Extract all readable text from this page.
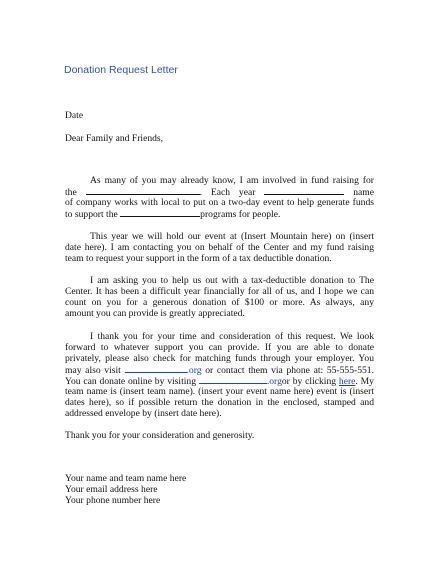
Donation Request Letter
Date
Dear Family and Friends,
As many of you may already know, I am involved in fund raising for
the	. Each year	name
of company works with local to put on a two-day event to help generate funds
to support the	programs for people.
This year we will hold our event at (Insert Mountain here) on (insert
date here). I am contacting you on behalf of the Center and my fund raising
team to request your support in the form of a tax deductible donation.
I am asking you to help us out with a tax-deductible donation to The
Center. It has been a difficult year financially for all of us, and I hope we can
count on you for a generous donation of $100 or more. As always, any
amount you can provide is greatly appreciated.
I thank you for your time and consideration of this request. We look
forward to whatever support you can provide. If you are able to donate
privately, please also check for matching funds through your employer. You
may also visit	.org or contact them via phone at: 55-555-551.
You can donate online by visiting	.orgor by clicking here. My
team name is (insert team name). (insert your event name here) event is (insert
dates here), so if possible return the donation in the enclosed, stamped and
addressed envelope by (insert date here).
Thank you for your consideration and generosity.
Your name and team name here
Your email address here
Your phone number here
